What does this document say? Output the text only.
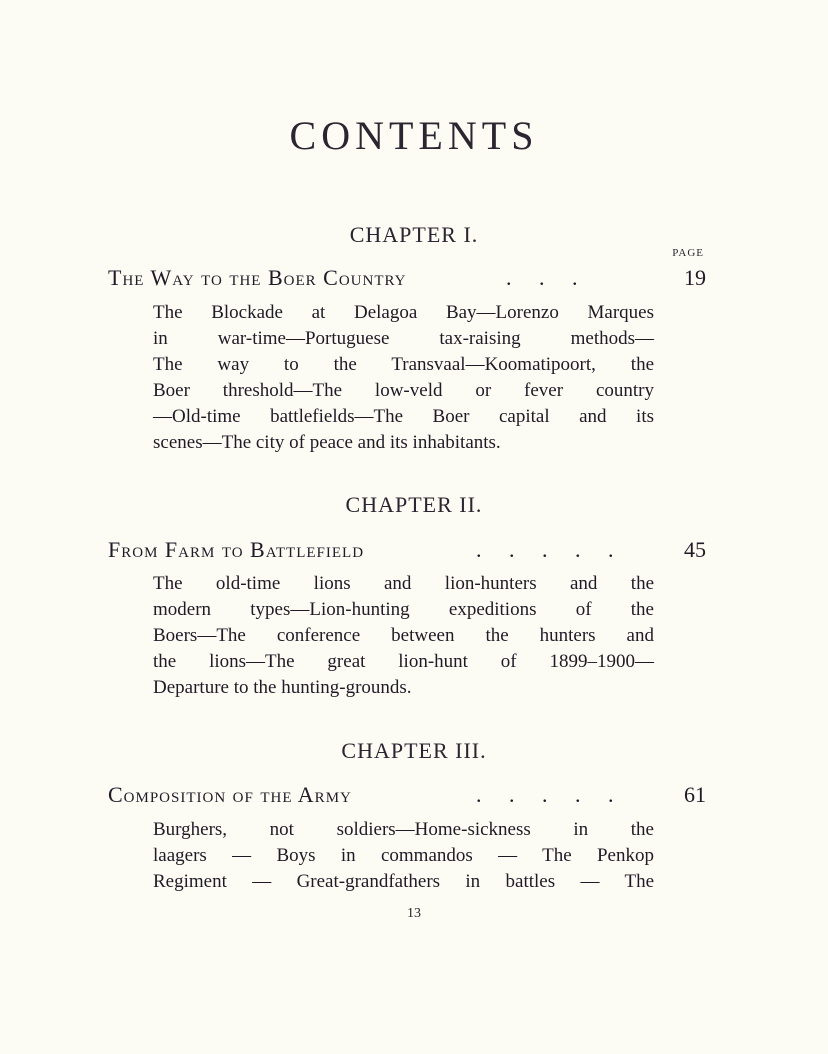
CONTENTS
CHAPTER I.
PAGE
The Way to the Boer Country	.     .     .	19
The Blockade at Delagoa Bay—Lorenzo Marques
in war-time—Portuguese tax-raising methods—
The way to the Transvaal—Koomatipoort, the
Boer threshold—The low-veld or fever country
—Old-time battlefields—The Boer capital and its
scenes—The city of peace and its inhabitants.
CHAPTER II.
From Farm to Battlefield	.     .     .     .     .	45
The old-time lions and lion-hunters and the
modern types—Lion-hunting expeditions of the
Boers—The conference between the hunters and
the lions—The great lion-hunt of 1899–1900—
Departure to the hunting-grounds.
CHAPTER III.
Composition of the Army	.     .     .     .     .	61
Burghers, not soldiers—Home-sickness in the
laagers — Boys in commandos — The Penkop
Regiment — Great-grandfathers in battles — The
13
